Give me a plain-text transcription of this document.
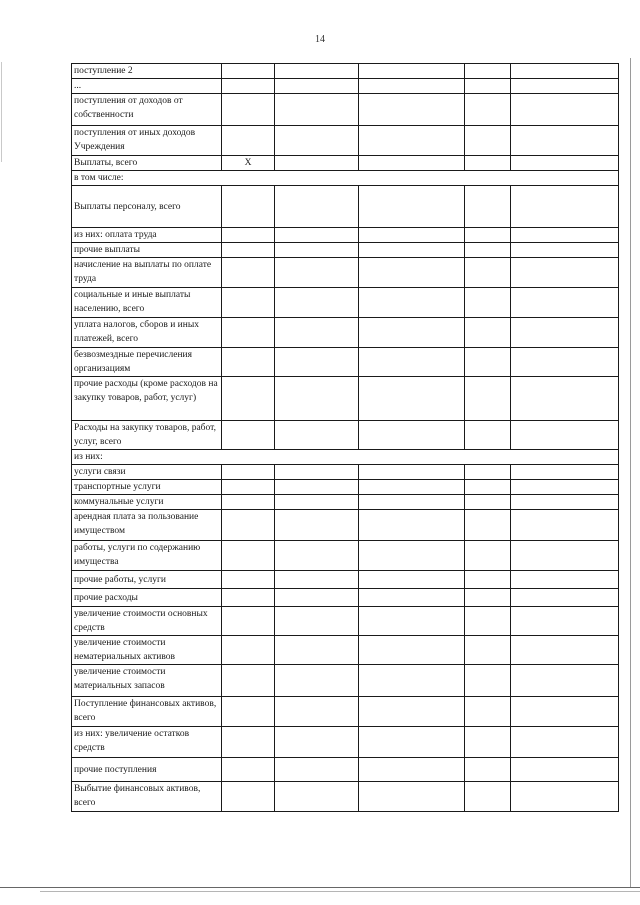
14
поступление 2					
...					
поступления от доходов от собственности					
поступления от иных доходов Учреждения					
Выплаты, всего	X				
в том числе:					
Выплаты персоналу, всего					
из них: оплата труда					
прочие выплаты					
начисление на выплаты по оплате труда					
социальные и иные выплаты населению, всего					
уплата налогов, сборов и иных платежей, всего					
безвозмездные перечисления организациям					
прочие расходы (кроме расходов на закупку товаров, работ, услуг)					
Расходы на закупку товаров, работ, услуг, всего					
из них:					
услуги связи					
транспортные услуги					
коммунальные услуги					
арендная плата за пользование имуществом					
работы, услуги по содержанию имущества					
прочие работы, услуги					
прочие расходы					
увеличение стоимости основных средств					
увеличение стоимости нематериальных активов					
увеличение стоимости материальных запасов					
Поступление финансовых активов, всего					
из них: увеличение остатков средств					
прочие поступления					
Выбытие финансовых активов, всего					
